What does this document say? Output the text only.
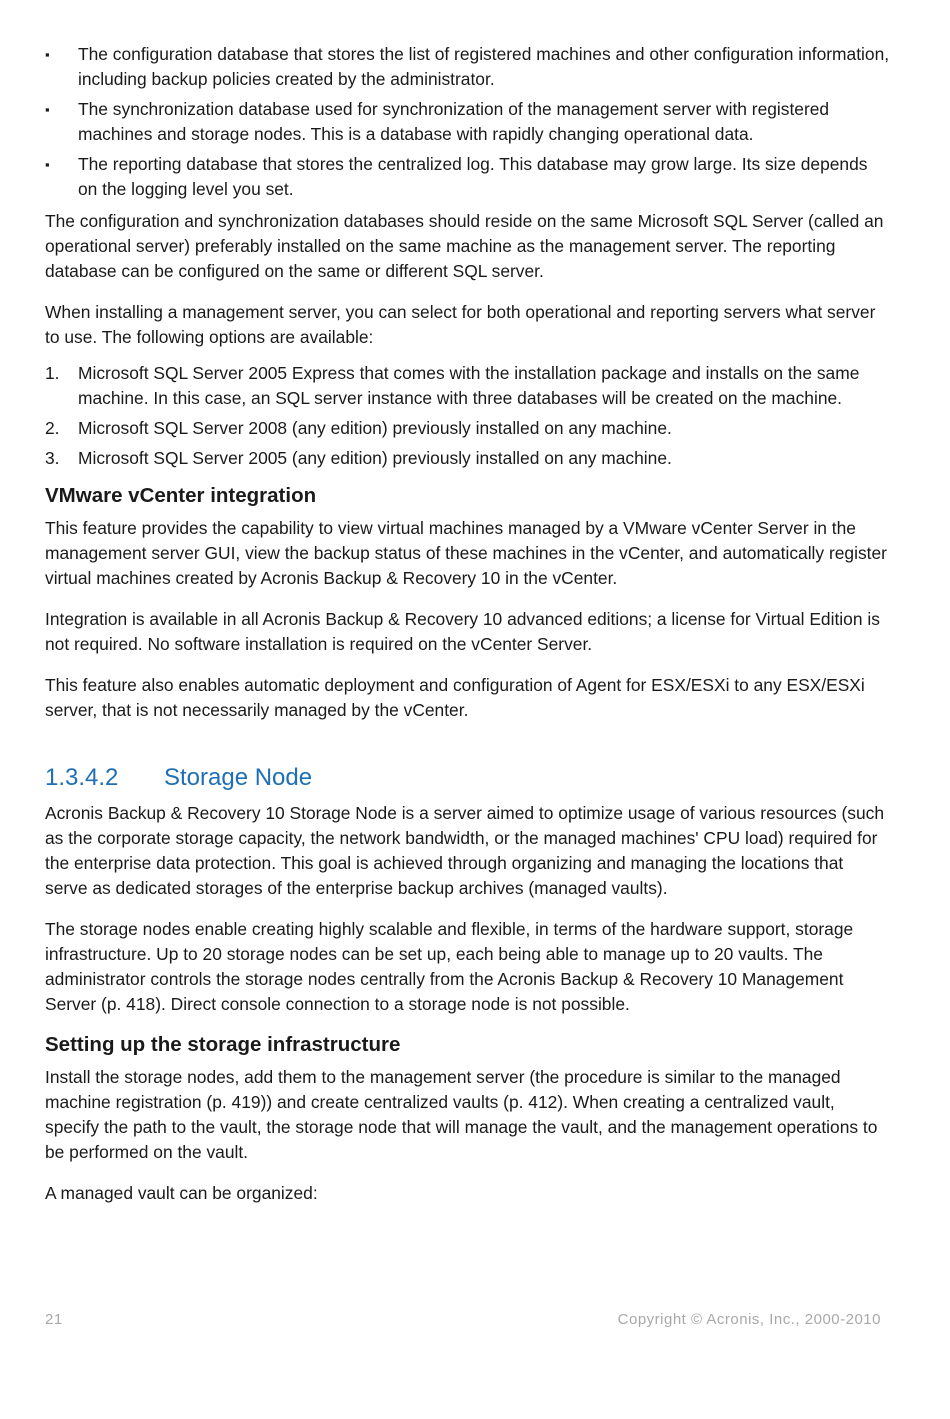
▪ The configuration database that stores the list of registered machines and other configuration information, including backup policies created by the administrator.
▪ The synchronization database used for synchronization of the management server with registered machines and storage nodes. This is a database with rapidly changing operational data.
▪ The reporting database that stores the centralized log. This database may grow large. Its size depends on the logging level you set.

The configuration and synchronization databases should reside on the same Microsoft SQL Server (called an operational server) preferably installed on the same machine as the management server. The reporting database can be configured on the same or different SQL server.

When installing a management server, you can select for both operational and reporting servers what server to use. The following options are available:

1. Microsoft SQL Server 2005 Express that comes with the installation package and installs on the same machine. In this case, an SQL server instance with three databases will be created on the machine.
2. Microsoft SQL Server 2008 (any edition) previously installed on any machine.
3. Microsoft SQL Server 2005 (any edition) previously installed on any machine.
VMware vCenter integration

This feature provides the capability to view virtual machines managed by a VMware vCenter Server in the management server GUI, view the backup status of these machines in the vCenter, and automatically register virtual machines created by Acronis Backup & Recovery 10 in the vCenter.

Integration is available in all Acronis Backup & Recovery 10 advanced editions; a license for Virtual Edition is not required. No software installation is required on the vCenter Server.

This feature also enables automatic deployment and configuration of Agent for ESX/ESXi to any ESX/ESXi server, that is not necessarily managed by the vCenter.

1.3.4.2 Storage Node

Acronis Backup & Recovery 10 Storage Node is a server aimed to optimize usage of various resources (such as the corporate storage capacity, the network bandwidth, or the managed machines' CPU load) required for the enterprise data protection. This goal is achieved through organizing and managing the locations that serve as dedicated storages of the enterprise backup archives (managed vaults).

The storage nodes enable creating highly scalable and flexible, in terms of the hardware support, storage infrastructure. Up to 20 storage nodes can be set up, each being able to manage up to 20 vaults. The administrator controls the storage nodes centrally from the Acronis Backup & Recovery 10 Management Server (p. 418). Direct console connection to a storage node is not possible.

Setting up the storage infrastructure

Install the storage nodes, add them to the management server (the procedure is similar to the managed machine registration (p. 419)) and create centralized vaults (p. 412). When creating a centralized vault, specify the path to the vault, the storage node that will manage the vault, and the management operations to be performed on the vault.

A managed vault can be organized:

21	Copyright © Acronis, Inc., 2000-2010
